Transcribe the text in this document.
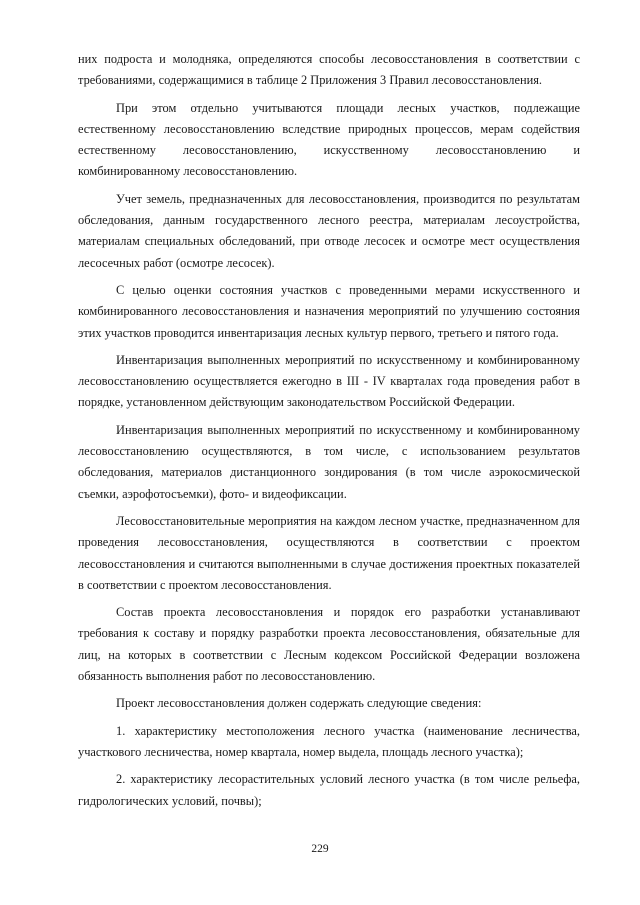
них подроста и молодняка, определяются способы лесовосстановления в соответствии с требованиями, содержащимися в таблице 2 Приложения 3 Правил лесовосстановления.

При этом отдельно учитываются площади лесных участков, подлежащие естественному лесовосстановлению вследствие природных процессов, мерам содействия естественному лесовосстановлению, искусственному лесовосстановлению и комбинированному лесовосстановлению.

Учет земель, предназначенных для лесовосстановления, производится по результатам обследования, данным государственного лесного реестра, материалам лесоустройства, материалам специальных обследований, при отводе лесосек и осмотре мест осуществления лесосечных работ (осмотре лесосек).

С целью оценки состояния участков с проведенными мерами искусственного и комбинированного лесовосстановления и назначения мероприятий по улучшению состояния этих участков проводится инвентаризация лесных культур первого, третьего и пятого года.

Инвентаризация выполненных мероприятий по искусственному и комбинированному лесовосстановлению осуществляется ежегодно в III - IV кварталах года проведения работ в порядке, установленном действующим законодательством Российской Федерации.

Инвентаризация выполненных мероприятий по искусственному и комбинированному лесовосстановлению осуществляются, в том числе, с использованием результатов обследования, материалов дистанционного зондирования (в том числе аэрокосмической съемки, аэрофотосъемки), фото- и видеофиксации.

Лесовосстановительные мероприятия на каждом лесном участке, предназначенном для проведения лесовосстановления, осуществляются в соответствии с проектом лесовосстановления и считаются выполненными в случае достижения проектных показателей в соответствии с проектом лесовосстановления.

Состав проекта лесовосстановления и порядок его разработки устанавливают требования к составу и порядку разработки проекта лесовосстановления, обязательные для лиц, на которых в соответствии с Лесным кодексом Российской Федерации возложена обязанность выполнения работ по лесовосстановлению.

Проект лесовосстановления должен содержать следующие сведения:

1. характеристику местоположения лесного участка (наименование лесничества, участкового лесничества, номер квартала, номер выдела, площадь лесного участка);

2. характеристику лесорастительных условий лесного участка (в том числе рельефа, гидрологических условий, почвы);

229
